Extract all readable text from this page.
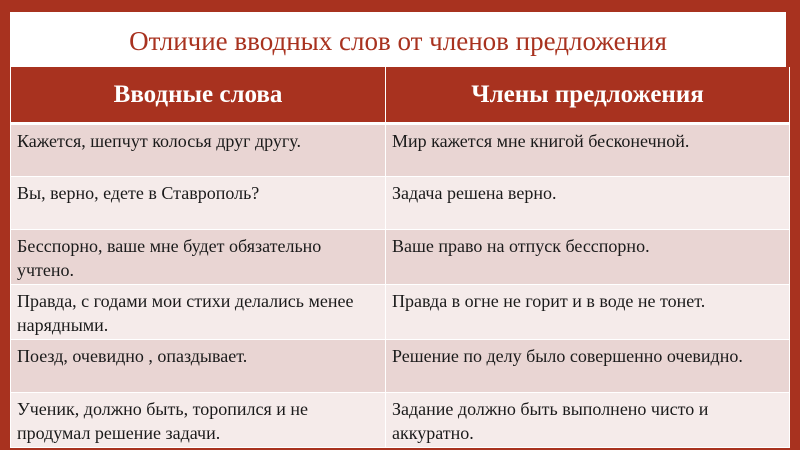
Отличие вводных слов от членов предложения
Вводные слова	Члены предложения
Кажется, шепчут колосья друг другу.	Мир кажется мне книгой бесконечной.
Вы, верно, едете в Ставрополь?	Задача решена верно.
Бесспорно, ваше мне будет обязательно учтено.	Ваше право на отпуск бесспорно.
Правда, с годами мои стихи делались менее нарядными.	Правда в огне не горит и в воде не тонет.
Поезд, очевидно , опаздывает.	Решение по делу было совершенно очевидно.
Ученик, должно быть, торопился и не продумал решение задачи.	Задание должно быть выполнено чисто и аккуратно.
